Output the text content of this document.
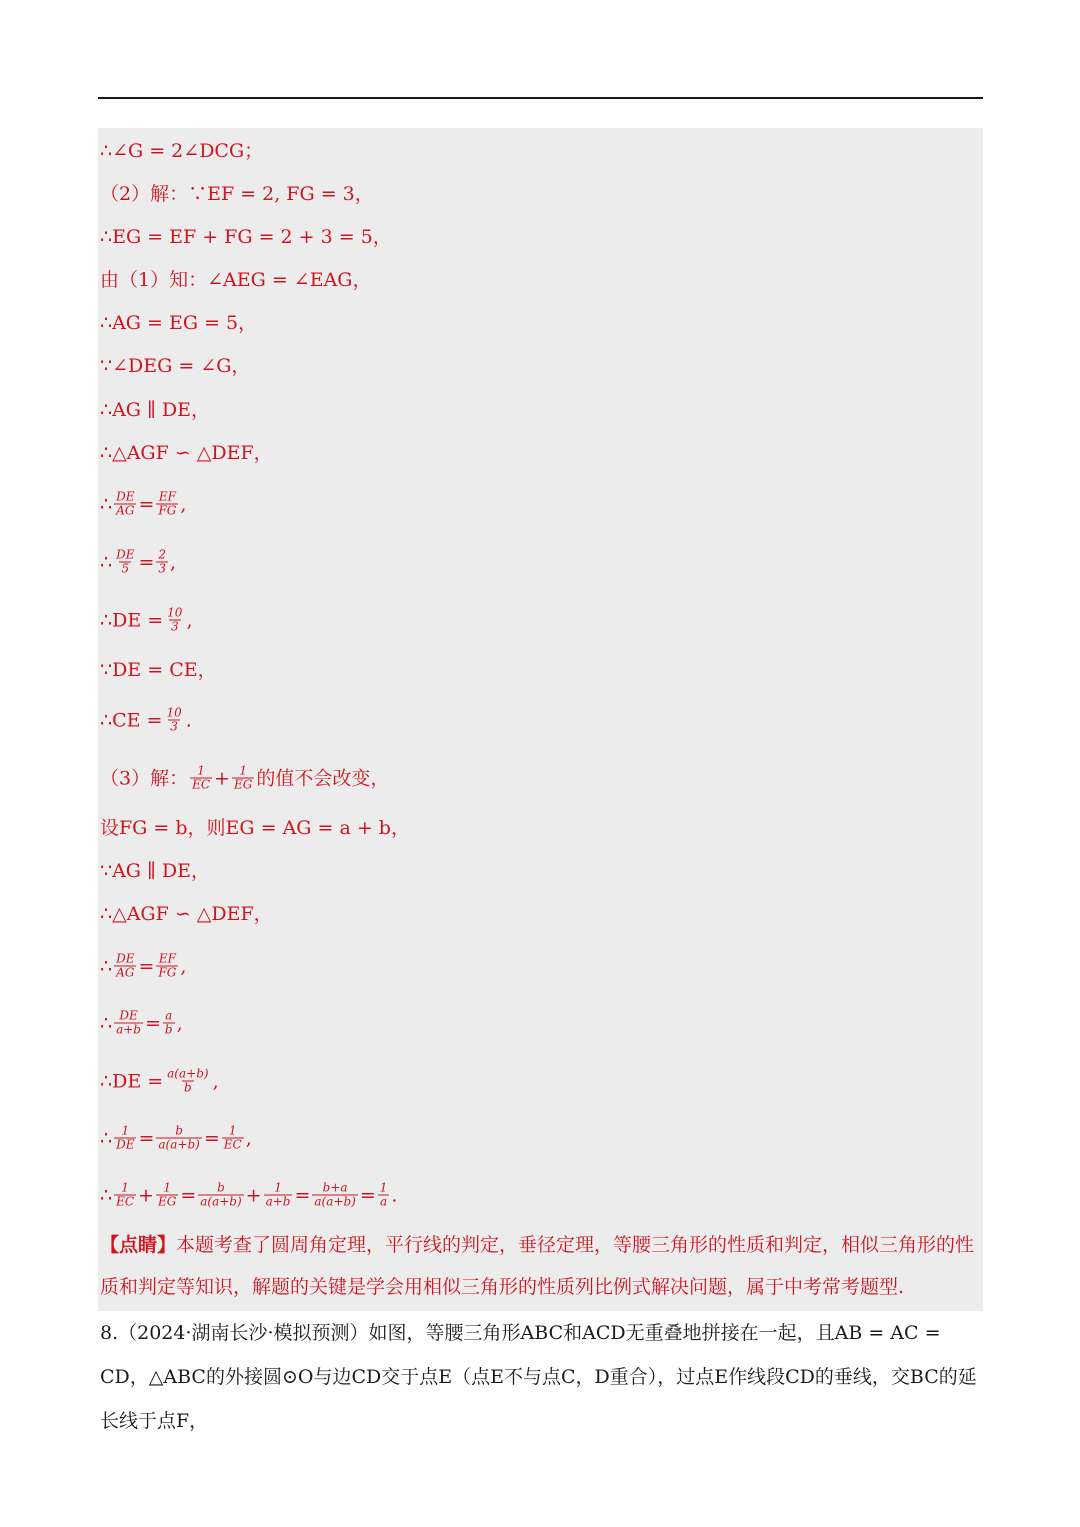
∴∠G = 2∠DCG；
（2）解：∵EF = 2, FG = 3，
∴EG = EF + FG = 2 + 3 = 5，
由（1）知：∠AEG = ∠EAG，
∴AG = EG = 5，
∵∠DEG = ∠G，
∴AG ∥ DE，
∴△AGF ∽ △DEF，
∴ $\frac{DE}{AG} = \frac{EF}{FG}$ ,
∴ $\frac{DE}{5} = \frac{2}{3}$ ,
∴DE = $\frac{10}{3}$ ,
∵DE = CE，
∴CE = $\frac{10}{3}$ .
（3）解： $\frac{1}{EC} + \frac{1}{EG}$ 的值不会改变，
设FG = b，则EG = AG = a + b，
∵AG ∥ DE，
∴△AGF ∽ △DEF，
∴ $\frac{DE}{AG} = \frac{EF}{FG}$ ,
∴ $\frac{DE}{a+b} = \frac{a}{b}$ ,
∴DE = $\frac{a(a+b)}{b}$ ,
∴ $\frac{1}{DE} = \frac{b}{a(a+b)} = \frac{1}{EC}$ ,
∴ $\frac{1}{EC} + \frac{1}{EG} = \frac{b}{a(a+b)} + \frac{1}{a+b} = \frac{b+a}{a(a+b)} = \frac{1}{a}$ .
【点睛】本题考查了圆周角定理，平行线的判定，垂径定理，等腰三角形的性质和判定，相似三角形的性质和判定等知识，解题的关键是学会用相似三角形的性质列比例式解决问题，属于中考常考题型.
8.（2024·湖南长沙·模拟预测）如图，等腰三角形ABC和ACD无重叠地拼接在一起，且AB = AC = CD，△ABC的外接圆⊙O与边CD交于点E（点E不与点C，D重合），过点E作线段CD的垂线，交BC的延长线于点F，
